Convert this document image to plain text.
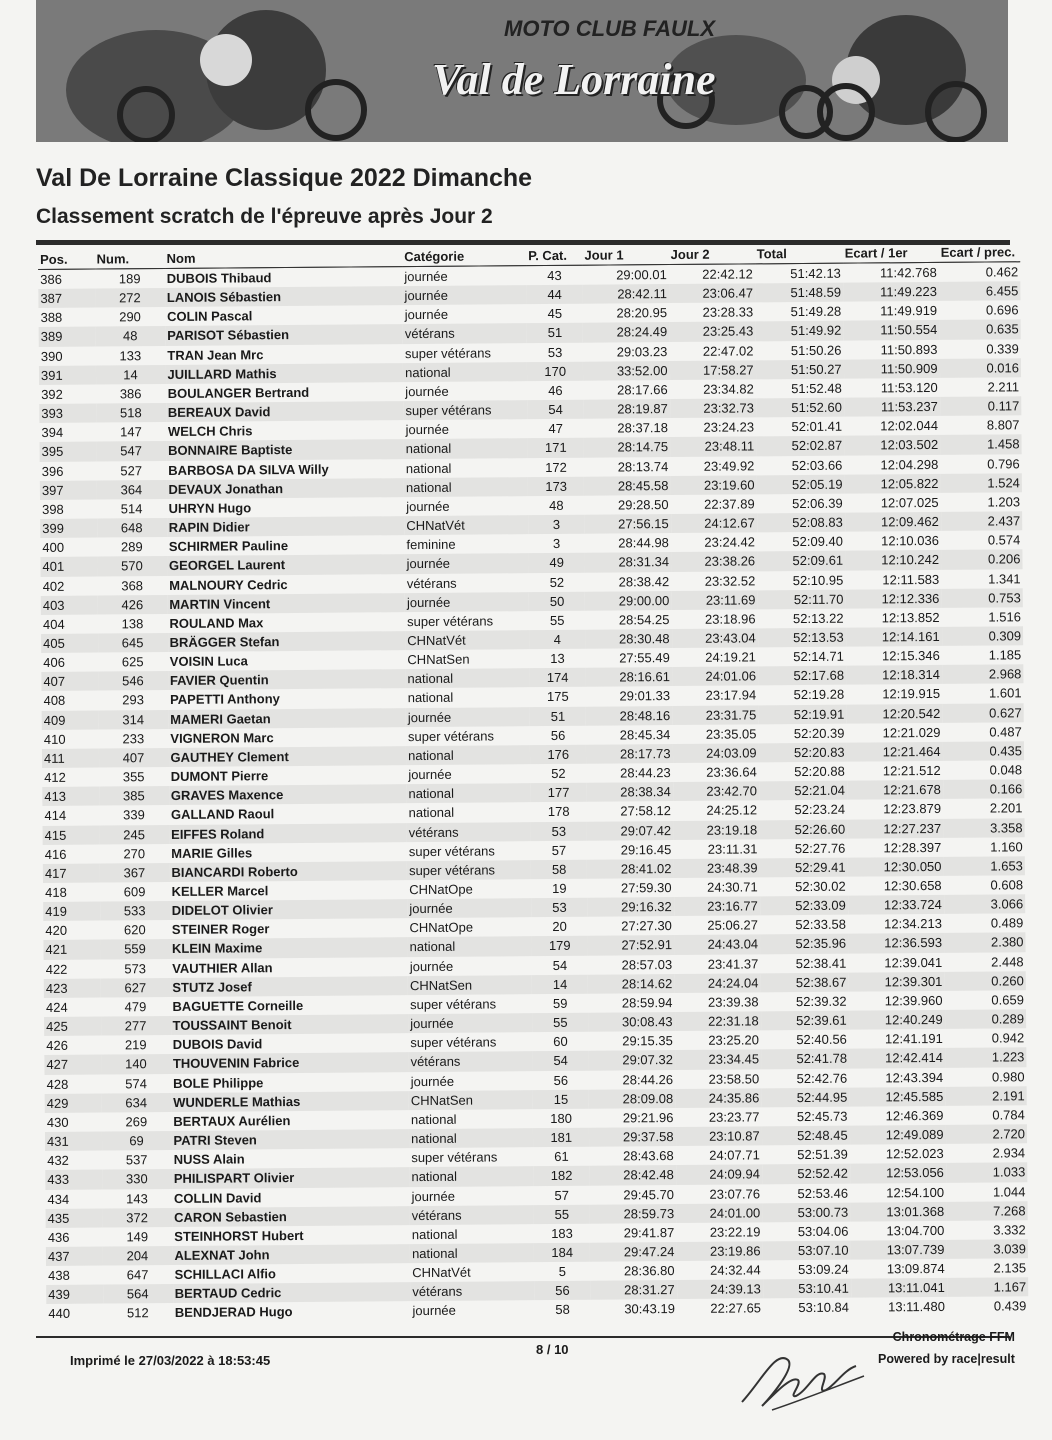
MOTO CLUB FAULX
Val de Lorraine
Val De Lorraine Classique 2022 Dimanche
Classement scratch de l'épreuve après Jour 2
Pos.	Num.	Nom	Catégorie	P. Cat.	Jour 1	Jour 2	Total	Ecart / 1er	Ecart / prec.
386	189	DUBOIS Thibaud	journée	43	29:00.01	22:42.12	51:42.13	11:42.768	0.462
387	272	LANOIS Sébastien	journée	44	28:42.11	23:06.47	51:48.59	11:49.223	6.455
388	290	COLIN Pascal	journée	45	28:20.95	23:28.33	51:49.28	11:49.919	0.696
389	48	PARISOT Sébastien	vétérans	51	28:24.49	23:25.43	51:49.92	11:50.554	0.635
390	133	TRAN Jean Mrc	super vétérans	53	29:03.23	22:47.02	51:50.26	11:50.893	0.339
391	14	JUILLARD Mathis	national	170	33:52.00	17:58.27	51:50.27	11:50.909	0.016
392	386	BOULANGER Bertrand	journée	46	28:17.66	23:34.82	51:52.48	11:53.120	2.211
393	518	BEREAUX David	super vétérans	54	28:19.87	23:32.73	51:52.60	11:53.237	0.117
394	147	WELCH Chris	journée	47	28:37.18	23:24.23	52:01.41	12:02.044	8.807
395	547	BONNAIRE Baptiste	national	171	28:14.75	23:48.11	52:02.87	12:03.502	1.458
396	527	BARBOSA DA SILVA Willy	national	172	28:13.74	23:49.92	52:03.66	12:04.298	0.796
397	364	DEVAUX Jonathan	national	173	28:45.58	23:19.60	52:05.19	12:05.822	1.524
398	514	UHRYN Hugo	journée	48	29:28.50	22:37.89	52:06.39	12:07.025	1.203
399	648	RAPIN Didier	CHNatVét	3	27:56.15	24:12.67	52:08.83	12:09.462	2.437
400	289	SCHIRMER Pauline	feminine	3	28:44.98	23:24.42	52:09.40	12:10.036	0.574
401	570	GEORGEL Laurent	journée	49	28:31.34	23:38.26	52:09.61	12:10.242	0.206
402	368	MALNOURY Cedric	vétérans	52	28:38.42	23:32.52	52:10.95	12:11.583	1.341
403	426	MARTIN Vincent	journée	50	29:00.00	23:11.69	52:11.70	12:12.336	0.753
404	138	ROULAND Max	super vétérans	55	28:54.25	23:18.96	52:13.22	12:13.852	1.516
405	645	BRÄGGER Stefan	CHNatVét	4	28:30.48	23:43.04	52:13.53	12:14.161	0.309
406	625	VOISIN Luca	CHNatSen	13	27:55.49	24:19.21	52:14.71	12:15.346	1.185
407	546	FAVIER Quentin	national	174	28:16.61	24:01.06	52:17.68	12:18.314	2.968
408	293	PAPETTI Anthony	national	175	29:01.33	23:17.94	52:19.28	12:19.915	1.601
409	314	MAMERI Gaetan	journée	51	28:48.16	23:31.75	52:19.91	12:20.542	0.627
410	233	VIGNERON Marc	super vétérans	56	28:45.34	23:35.05	52:20.39	12:21.029	0.487
411	407	GAUTHEY Clement	national	176	28:17.73	24:03.09	52:20.83	12:21.464	0.435
412	355	DUMONT Pierre	journée	52	28:44.23	23:36.64	52:20.88	12:21.512	0.048
413	385	GRAVES Maxence	national	177	28:38.34	23:42.70	52:21.04	12:21.678	0.166
414	339	GALLAND Raoul	national	178	27:58.12	24:25.12	52:23.24	12:23.879	2.201
415	245	EIFFES Roland	vétérans	53	29:07.42	23:19.18	52:26.60	12:27.237	3.358
416	270	MARIE Gilles	super vétérans	57	29:16.45	23:11.31	52:27.76	12:28.397	1.160
417	367	BIANCARDI Roberto	super vétérans	58	28:41.02	23:48.39	52:29.41	12:30.050	1.653
418	609	KELLER Marcel	CHNatOpe	19	27:59.30	24:30.71	52:30.02	12:30.658	0.608
419	533	DIDELOT Olivier	journée	53	29:16.32	23:16.77	52:33.09	12:33.724	3.066
420	620	STEINER Roger	CHNatOpe	20	27:27.30	25:06.27	52:33.58	12:34.213	0.489
421	559	KLEIN Maxime	national	179	27:52.91	24:43.04	52:35.96	12:36.593	2.380
422	573	VAUTHIER Allan	journée	54	28:57.03	23:41.37	52:38.41	12:39.041	2.448
423	627	STUTZ Josef	CHNatSen	14	28:14.62	24:24.04	52:38.67	12:39.301	0.260
424	479	BAGUETTE Corneille	super vétérans	59	28:59.94	23:39.38	52:39.32	12:39.960	0.659
425	277	TOUSSAINT Benoit	journée	55	30:08.43	22:31.18	52:39.61	12:40.249	0.289
426	219	DUBOIS David	super vétérans	60	29:15.35	23:25.20	52:40.56	12:41.191	0.942
427	140	THOUVENIN Fabrice	vétérans	54	29:07.32	23:34.45	52:41.78	12:42.414	1.223
428	574	BOLE Philippe	journée	56	28:44.26	23:58.50	52:42.76	12:43.394	0.980
429	634	WUNDERLE Mathias	CHNatSen	15	28:09.08	24:35.86	52:44.95	12:45.585	2.191
430	269	BERTAUX Aurélien	national	180	29:21.96	23:23.77	52:45.73	12:46.369	0.784
431	69	PATRI Steven	national	181	29:37.58	23:10.87	52:48.45	12:49.089	2.720
432	537	NUSS Alain	super vétérans	61	28:43.68	24:07.71	52:51.39	12:52.023	2.934
433	330	PHILISPART Olivier	national	182	28:42.48	24:09.94	52:52.42	12:53.056	1.033
434	143	COLLIN David	journée	57	29:45.70	23:07.76	52:53.46	12:54.100	1.044
435	372	CARON Sebastien	vétérans	55	28:59.73	24:01.00	53:00.73	13:01.368	7.268
436	149	STEINHORST Hubert	national	183	29:41.87	23:22.19	53:04.06	13:04.700	3.332
437	204	ALEXNAT John	national	184	29:47.24	23:19.86	53:07.10	13:07.739	3.039
438	647	SCHILLACI Alfio	CHNatVét	5	28:36.80	24:32.44	53:09.24	13:09.874	2.135
439	564	BERTAUD Cedric	vétérans	56	28:31.27	24:39.13	53:10.41	13:11.041	1.167
440	512	BENDJERAD Hugo	journée	58	30:43.19	22:27.65	53:10.84	13:11.480	0.439
Imprimé le 27/03/2022 à 18:53:45
8 / 10
Chronométrage FFM
Powered by race|result
